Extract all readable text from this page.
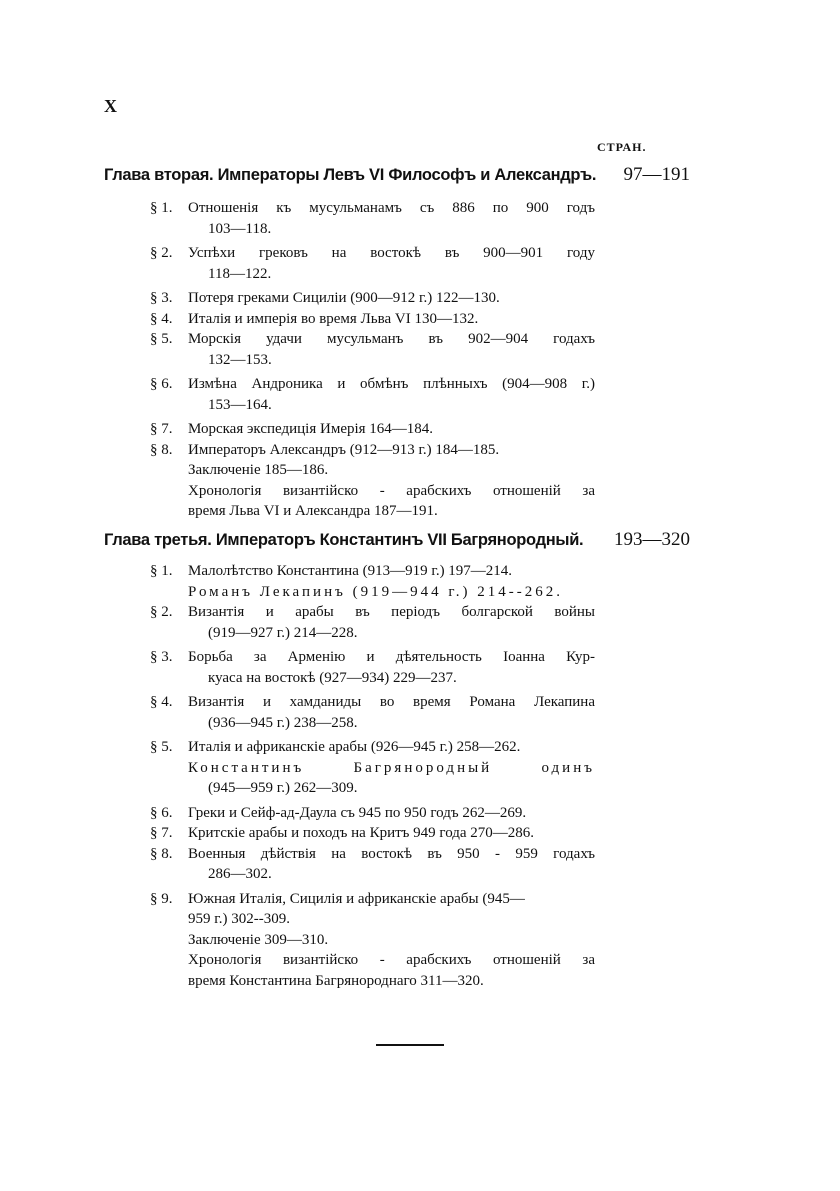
X
СТРАН.
Глава вторая. Императоры Левъ VI Философъ и Александръ. 97—191
§ 1. Отношенія къ мусульманамъ съ 886 по 900 годъ
103—118.
§ 2. Успѣхи грековъ на востокѣ въ 900—901 году
118—122.
§ 3. Потеря греками Сициліи (900—912 г.) 122—130.
§ 4. Италія и имперія во время Льва VI 130—132.
§ 5. Морскія удачи мусульманъ въ 902—904 годахъ
132—153.
§ 6. Измѣна Андроника и обмѣнъ плѣнныхъ (904—908 г.)
153—164.
§ 7. Морская экспедиція Имерія 164—184.
§ 8. Императоръ Александръ (912—913 г.) 184—185.
Заключеніе 185—186.
Хронологія византійско - арабскихъ отношеній за
время Льва VI и Александра 187—191.
Глава третья. Императоръ Константинъ VII Багрянородный. 193—320
§ 1. Малолѣтство Константина (913—919 г.) 197—214.
Романъ Лекапинъ (919—944 г.) 214--262.
§ 2. Византія и арабы въ періодъ болгарской войны
(919—927 г.) 214—228.
§ 3. Борьба за Арменію и дѣятельность Іоанна Кур-
куаса на востокѣ (927—934) 229—237.
§ 4. Византія и хамданиды во время Романа Лекапина
(936—945 г.) 238—258.
§ 5. Италія и африканскіе арабы (926—945 г.) 258—262.
Константинъ Багрянородный одинъ
(945—959 г.) 262—309.
§ 6. Греки и Сейф-ад-Даула съ 945 по 950 годъ 262—269.
§ 7. Критскіе арабы и походъ на Критъ 949 года 270—286.
§ 8. Военныя дѣйствія на востокѣ въ 950 - 959 годахъ
286—302.
§ 9. Южная Италія, Сицилія и африканскіе арабы (945—
959 г.) 302--309.
Заключеніе 309—310.
Хронологія византійско - арабскихъ отношеній за
время Константина Багрянороднаго 311—320.
